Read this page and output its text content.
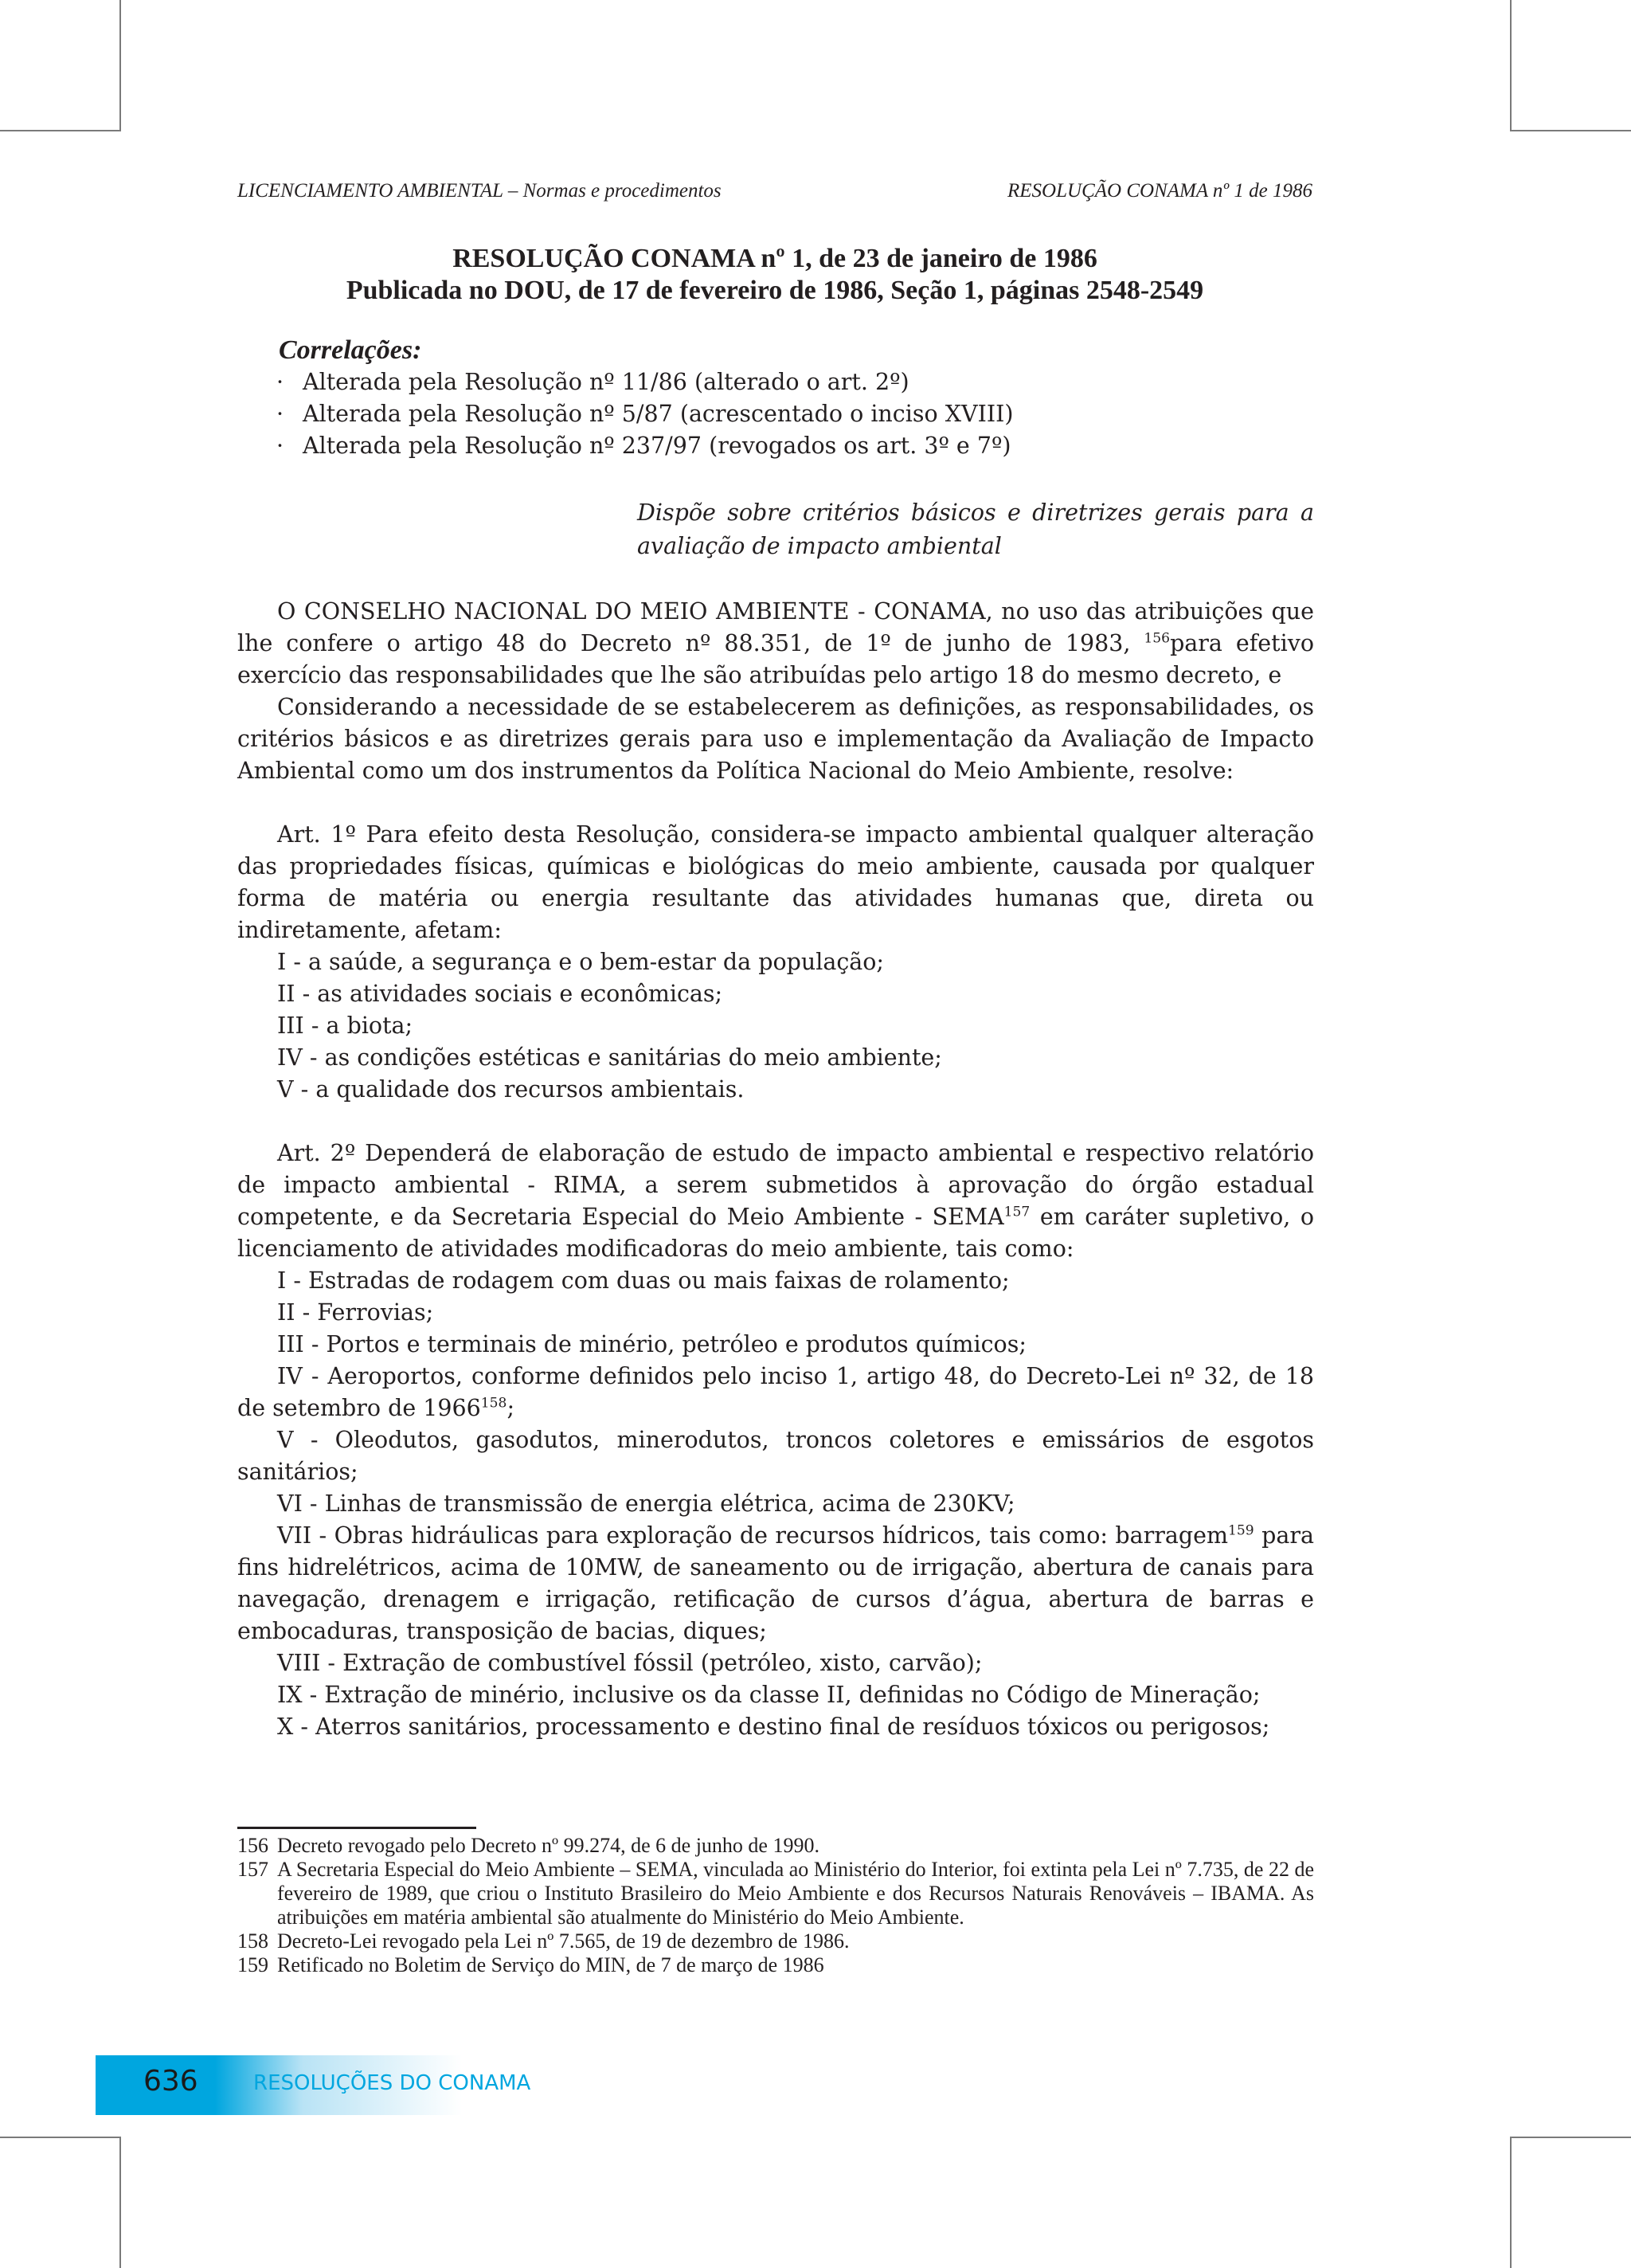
LICENCIAMENTO AMBIENTAL – Normas e procedimentos	RESOLUÇÃO CONAMA nº 1 de 1986
RESOLUÇÃO CONAMA nº 1, de 23 de janeiro de 1986
Publicada no DOU, de 17 de fevereiro de 1986, Seção 1, páginas 2548-2549
Correlações:
· Alterada pela Resolução nº 11/86 (alterado o art. 2º)
· Alterada pela Resolução nº 5/87 (acrescentado o inciso XVIII)
· Alterada pela Resolução nº 237/97 (revogados os art. 3º e 7º)
Dispõe sobre critérios básicos e diretrizes gerais para a avaliação de impacto ambiental

O CONSELHO NACIONAL DO MEIO AMBIENTE - CONAMA, no uso das atribuições que lhe confere o artigo 48 do Decreto nº 88.351, de 1º de junho de 1983, $^{156}$para efetivo exercício das responsabilidades que lhe são atribuídas pelo artigo 18 do mesmo decreto, e

Considerando a necessidade de se estabelecerem as definições, as responsabilidades, os critérios básicos e as diretrizes gerais para uso e implementação da Avaliação de Impacto Ambiental como um dos instrumentos da Política Nacional do Meio Ambiente, resolve:

Art. 1º Para efeito desta Resolução, considera-se impacto ambiental qualquer alteração das propriedades físicas, químicas e biológicas do meio ambiente, causada por qualquer forma de matéria ou energia resultante das atividades humanas que, direta ou indiretamente, afetam:

I - a saúde, a segurança e o bem-estar da população;

II - as atividades sociais e econômicas;

III - a biota;

IV - as condições estéticas e sanitárias do meio ambiente;

V - a qualidade dos recursos ambientais.

Art. 2º Dependerá de elaboração de estudo de impacto ambiental e respectivo relatório de impacto ambiental - RIMA, a serem submetidos à aprovação do órgão estadual competente, e da Secretaria Especial do Meio Ambiente - SEMA$^{157}$ em caráter supletivo, o licenciamento de atividades modificadoras do meio ambiente, tais como:

I - Estradas de rodagem com duas ou mais faixas de rolamento;

II - Ferrovias;

III - Portos e terminais de minério, petróleo e produtos químicos;

IV - Aeroportos, conforme definidos pelo inciso 1, artigo 48, do Decreto-Lei nº 32, de 18 de setembro de 1966$^{158}$;

V - Oleodutos, gasodutos, minerodutos, troncos coletores e emissários de esgotos sanitários;

VI - Linhas de transmissão de energia elétrica, acima de 230KV;

VII - Obras hidráulicas para exploração de recursos hídricos, tais como: barragem$^{159}$ para fins hidrelétricos, acima de 10MW, de saneamento ou de irrigação, abertura de canais para navegação, drenagem e irrigação, retificação de cursos d’água, abertura de barras e embocaduras, transposição de bacias, diques;

VIII - Extração de combustível fóssil (petróleo, xisto, carvão);

IX - Extração de minério, inclusive os da classe II, definidas no Código de Mineração;

X - Aterros sanitários, processamento e destino final de resíduos tóxicos ou perigosos;

156 Decreto revogado pelo Decreto nº 99.274, de 6 de junho de 1990.
157 A Secretaria Especial do Meio Ambiente – SEMA, vinculada ao Ministério do Interior, foi extinta pela Lei nº 7.735, de 22 de fevereiro de 1989, que criou o Instituto Brasileiro do Meio Ambiente e dos Recursos Naturais Renováveis – IBAMA. As atribuições em matéria ambiental são atualmente do Ministério do Meio Ambiente.
158 Decreto-Lei revogado pela Lei nº 7.565, de 19 de dezembro de 1986.
159 Retificado no Boletim de Serviço do MIN, de 7 de março de 1986
636	RESOLUÇÕES DO CONAMA
